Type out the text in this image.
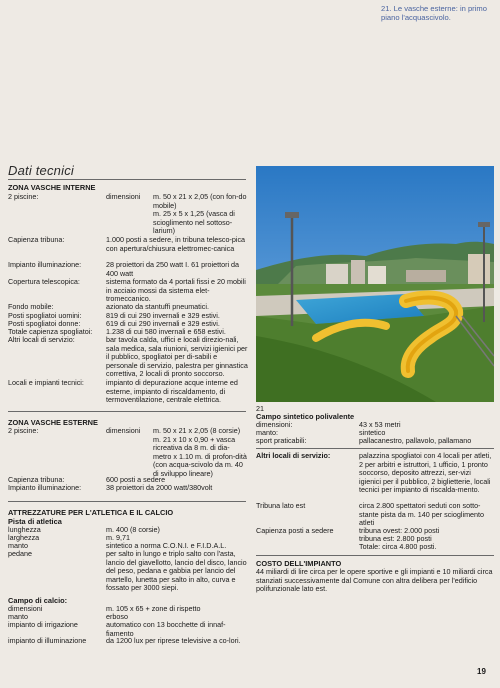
21. Le vasche esterne: in primo piano l'acquascivolo.
Dati tecnici
ZONA VASCHE INTERNE
2 piscine:	dimensioni m. 50 x 21 x 2,05 (con fon-do mobile)
m. 25 x 5 x 1,25 (vasca di scioglimento nel sottoso-larium)
Capienza tribuna:	1.000 posti a sedere, in tribuna telesco-pica con apertura/chiusura elettromec-canica
Impianto illuminazione:	28 proiettori da 250 watt I. 61 proiettori da 400 watt
Copertura telescopica:	sistema formato da 4 portali fissi e 20 mobili in acciaio mossi da sistema elet-tromeccanico.
Fondo mobile:	azionato da stantuffi pneumatici.
Posti spogliatoi uomini:	819 di cui 290 invernali e 329 estivi.
Posti spogliatoi donne:	619 di cui 290 invernali e 329 estivi.
Totale capienza spogliatoi: 1.238 di cui 580 invernali e 658 estivi.
Altri locali di servizio:	bar tavola calda, uffici e locali direzio-nali, sala medica, sala riunioni, servizi igienici per il pubblico, spogliatoi per di-sabili e personale di servizio, palestra per ginnastica correttiva, 2 locali di pronto soccorso.
Locali e impianti tecnici:	impianto di depurazione acque interne ed esterne, impianto di riscaldamento, di termoventilazione, centrale elettrica.
ZONA VASCHE ESTERNE
2 piscine:	dimensioni m. 50 x 21 x 2,05 (8 corsie) m. 21 x 10 x 0,90 + vasca ricreativa da 8 m. di dia-metro x 1.10 m. di profon-dità (con acqua-scivolo da m. 40 di sviluppo lineare)
Capienza tribuna:	600 posti a sedere
Impianto illuminazione:	38 proiettori da 2000 watt/380volt
ATTREZZATURE PER L'ATLETICA E IL CALCIO
Pista di atletica
lunghezza	m. 400 (8 corsie)
larghezza	m. 9,71
manto	sintetico a norma C.O.N.I. e F.I.D.A.L.
pedane	per salto in lungo e triplo salto con l'asta, lancio del giavellotto, lancio del disco, lancio del peso, pedana e gabbia per lancio del martello, lunetta per salto in alto, curva e fossato per 3000 siepi.
Campo di calcio:
dimensioni	m. 105 x 65 + zone di rispetto
manto	erboso
impianto di irrigazione	automatico con 13 bocchette di innaf-fiamento
impianto di illuminazione	da 1200 lux per riprese televisive a co-lori.
21
Campo sintetico polivalente
dimensioni:	43 x 53 metri
manto:	sintetico
sport praticabili:	pallacanestro, pallavolo, pallamano
Altri locali di servizio:	palazzina spogliatoi con 4 locali per atleti, 2 per arbitri e istruttori, 1 ufficio, 1 pronto soccorso, deposito attrezzi, ser-vizi igienici per il pubblico, 2 biglietterie, locali tecnici per impianto di riscalda-mento.
Tribuna lato est	circa 2.800 spettatori seduti con sotto-stante pista da m. 140 per scioglimento atleti
Capienza posti a sedere	tribuna ovest: 2.000 posti
tribuna est: 2.800 posti
Totale: circa 4.800 posti.
COSTO DELL'IMPIANTO
44 miliardi di lire circa per le opere sportive e gli impianti e 10 miliardi circa stanziati successivamente dal Comune con altra delibera per l'edificio polifunzionale lato est.
19
